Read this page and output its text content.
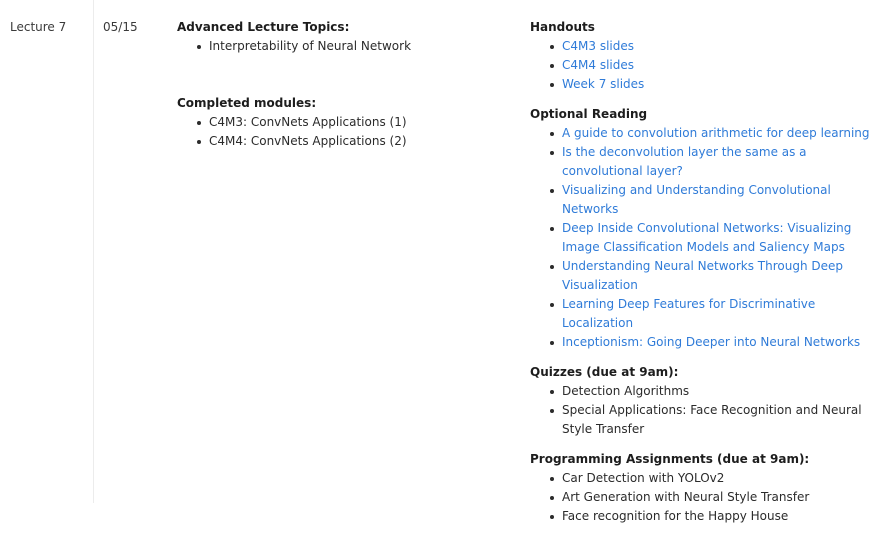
Lecture 7	05/15	Advanced Lecture Topics:
Interpretability of Neural Network
Completed modules:
C4M3: ConvNets Applications (1)
C4M4: ConvNets Applications (2)
Handouts
C4M3 slides
C4M4 slides
Week 7 slides
Optional Reading
A guide to convolution arithmetic for deep learning
Is the deconvolution layer the same as a convolutional layer?
Visualizing and Understanding Convolutional Networks
Deep Inside Convolutional Networks: Visualizing Image Classification Models and Saliency Maps
Understanding Neural Networks Through Deep Visualization
Learning Deep Features for Discriminative Localization
Inceptionism: Going Deeper into Neural Networks
Quizzes (due at 9am):
Detection Algorithms
Special Applications: Face Recognition and Neural Style Transfer
Programming Assignments (due at 9am):
Car Detection with YOLOv2
Art Generation with Neural Style Transfer
Face recognition for the Happy House
